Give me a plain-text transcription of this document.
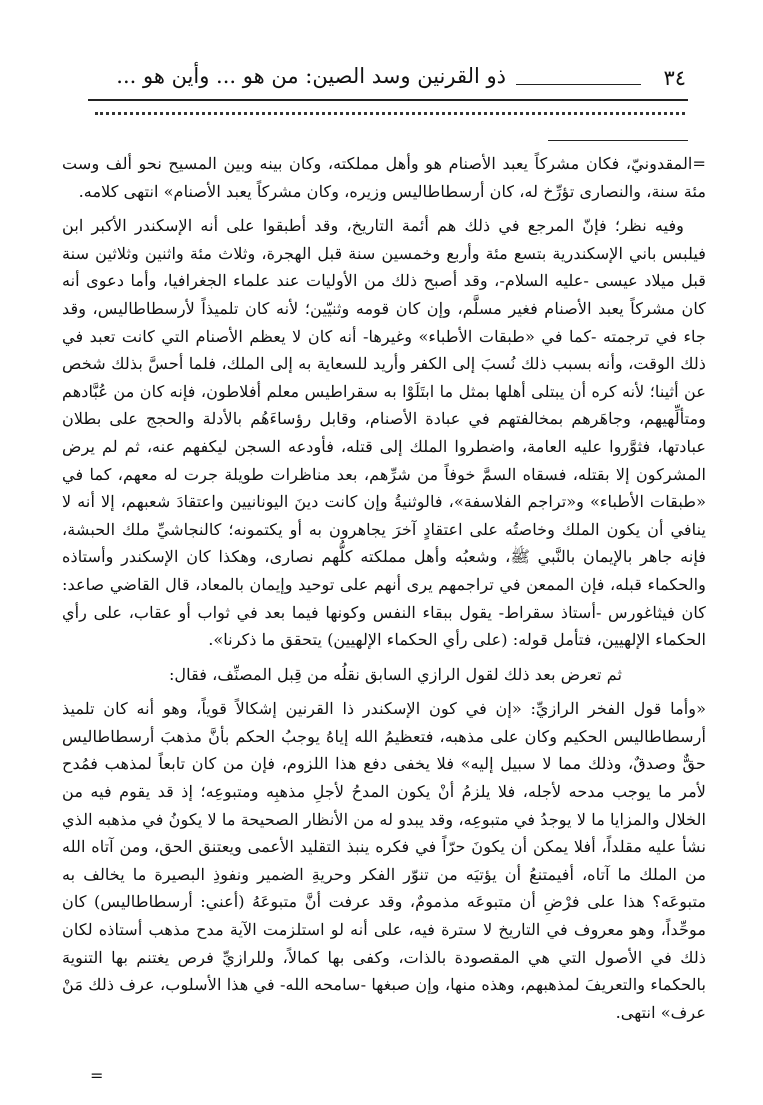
ذو القرنين وسد الصين: من هو ... وأين هو ...	٣٤

=المقدونيّ، فكان مشركاً يعبد الأصنام هو وأهل مملكته، وكان بينه وبين المسيح نحو ألف وست مئة سنة، والنصارى تؤرِّخ له، كان أرسطاطاليس وزيره، وكان مشركاً يعبد الأصنام» انتهى كلامه.

وفيه نظر؛ فإنّ المرجع في ذلك هم أئمة التاريخ، وقد أطبقوا على أنه الإسكندر الأكبر ابن فيلبس باني الإسكندرية بتسع مئة وأربع وخمسين سنة قبل الهجرة، وثلاث مئة واثنين وثلاثين سنة قبل ميلاد عيسى -عليه السلام-، وقد أصبح ذلك من الأوليات عند علماء الجغرافيا، وأما دعوى أنه كان مشركاً يعبد الأصنام فغير مسلَّم، وإن كان قومه وثنيّين؛ لأنه كان تلميذاً لأرسطاطاليس، وقد جاء في ترجمته -كما في «طبقات الأطباء» وغيرها- أنه كان لا يعظم الأصنام التي كانت تعبد في ذلك الوقت، وأنه بسبب ذلك نُسبَ إلى الكفر وأريد للسعاية به إلى الملك، فلما أحسَّ بذلك شخص عن أثينا؛ لأنه كره أن يبتلى أهلها بمثل ما ابتَلَوْا به سقراطيس معلم أفلاطون، فإنه كان من عُبَّادهم ومتألِّهيهم، وجاهَرهم بمخالفتهم في عبادة الأصنام، وقابل رؤساءَهُم بالأدلة والحجج على بطلان عبادتها، فثوَّروا عليه العامة، واضطروا الملك إلى قتله، فأودعه السجن ليكفهم عنه، ثم لم يرض المشركون إلا بقتله، فسقاه السمَّ خوفاً من شرِّهم، بعد مناظرات طويلة جرت له معهم، كما في «طبقات الأطباء» و«تراجم الفلاسفة»، فالوثنيةُ وإن كانت دينَ اليونانيين واعتقادَ شعبهم، إلا أنه لا ينافي أن يكون الملك وخاصتُه على اعتقادٍ آخرَ يجاهرون به أو يكتمونه؛ كالنجاشيِّ ملك الحبشة، فإنه جاهر بالإيمان بالنَّبي ﷺ، وشعبُه وأهل مملكته كلُّهم نصارى، وهكذا كان الإسكندر وأستاذه والحكماء قبله، فإن الممعن في تراجمهم يرى أنهم على توحيد وإيمان بالمعاد، قال القاضي صاعد: كان فيثاغورس -أستاذ سقراط- يقول ببقاء النفس وكونها فيما بعد في ثواب أو عقاب، على رأي الحكماء الإلهيين، فتأمل قوله: (على رأي الحكماء الإلهيين) يتحقق ما ذكرنا».

ثم تعرض بعد ذلك لقول الرازي السابق نقلُه من قِبل المصنِّف، فقال:

«وأما قول الفخر الرازيِّ: «إن في كون الإسكندر ذا القرنين إشكالاً قوياً، وهو أنه كان تلميذ أرسطاطاليس الحكيم وكان على مذهبه، فتعظيمُ الله إياهُ يوجبُ الحكم بأنَّ مذهبَ أرسطاطاليس حقٌّ وصدقٌ، وذلك مما لا سبيل إليه» فلا يخفى دفع هذا اللزوم، فإن من كان تابعاً لمذهب فمُدح لأمر ما يوجب مدحه لأجله، فلا يلزمُ أنْ يكون المدحُ لأجلِ مذهبِه ومتبوعِه؛ إذ قد يقوم فيه من الخلال والمزايا ما لا يوجدُ في متبوعِه، وقد يبدو له من الأنظار الصحيحة ما لا يكونُ في مذهبه الذي نشأ عليه مقلداً، أفلا يمكن أن يكونَ حرّاً في فكره ينبذ التقليد الأعمى ويعتنق الحق، ومن آتاه الله من الملك ما آتاه، أفيمتنعُ أن يؤتيَه من تنوّر الفكر وحريةِ الضمير ونفوذِ البصيرة ما يخالف به متبوعَه؟ هذا على فرْضِ أن متبوعَه مذمومٌ، وقد عرفت أنَّ متبوعَهُ (أعني: أرسطاطاليس) كان موحِّداً، وهو معروف في التاريخ لا سترة فيه، على أنه لو استلزمت الآية مدح مذهب أستاذه لكان ذلك في الأصول التي هي المقصودة بالذات، وكفى بها كمالاً، وللرازيِّ فرص يغتنم بها التنويهَ بالحكماء والتعريفَ لمذهبهم، وهذه منها، وإن صبغها -سامحه الله- في هذا الأسلوب، عرف ذلك مَنْ عرف» انتهى.

=
